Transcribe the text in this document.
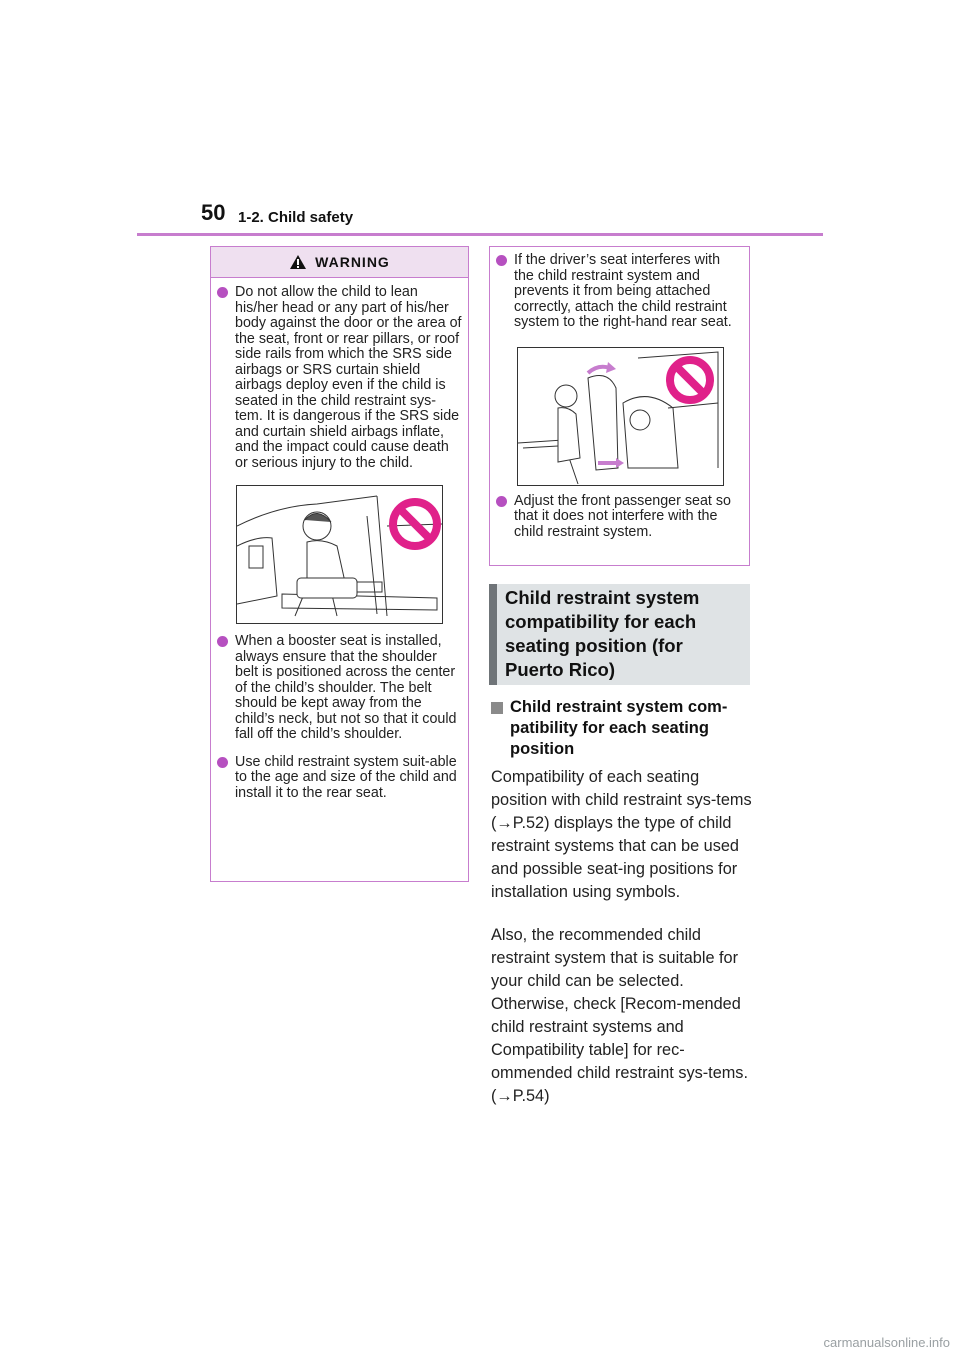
50 1-2. Child safety
WARNING
Do not allow the child to lean his/her head or any part of his/her body against the door or the area of the seat, front or rear pillars, or roof side rails from which the SRS side airbags or SRS curtain shield airbags deploy even if the child is seated in the child restraint sys-tem. It is dangerous if the SRS side and curtain shield airbags inflate, and the impact could cause death or serious injury to the child.
When a booster seat is installed, always ensure that the shoulder belt is positioned across the center of the child’s shoulder. The belt should be kept away from the child’s neck, but not so that it could fall off the child’s shoulder.
Use child restraint system suit-able to the age and size of the child and install it to the rear seat.
If the driver’s seat interferes with the child restraint system and prevents it from being attached correctly, attach the child restraint system to the right-hand rear seat.
Adjust the front passenger seat so that it does not interfere with the child restraint system.
Child restraint system compatibility for each seating position (for Puerto Rico)
Child restraint system com-patibility for each seating position
Compatibility of each seating position with child restraint sys-tems (→P.52) displays the type of child restraint systems that can be used and possible seat-ing positions for installation using symbols.
Also, the recommended child restraint system that is suitable for your child can be selected. Otherwise, check [Recom-mended child restraint systems and Compatibility table] for rec-ommended child restraint sys-tems. (→P.54)
carmanualsonline.info
